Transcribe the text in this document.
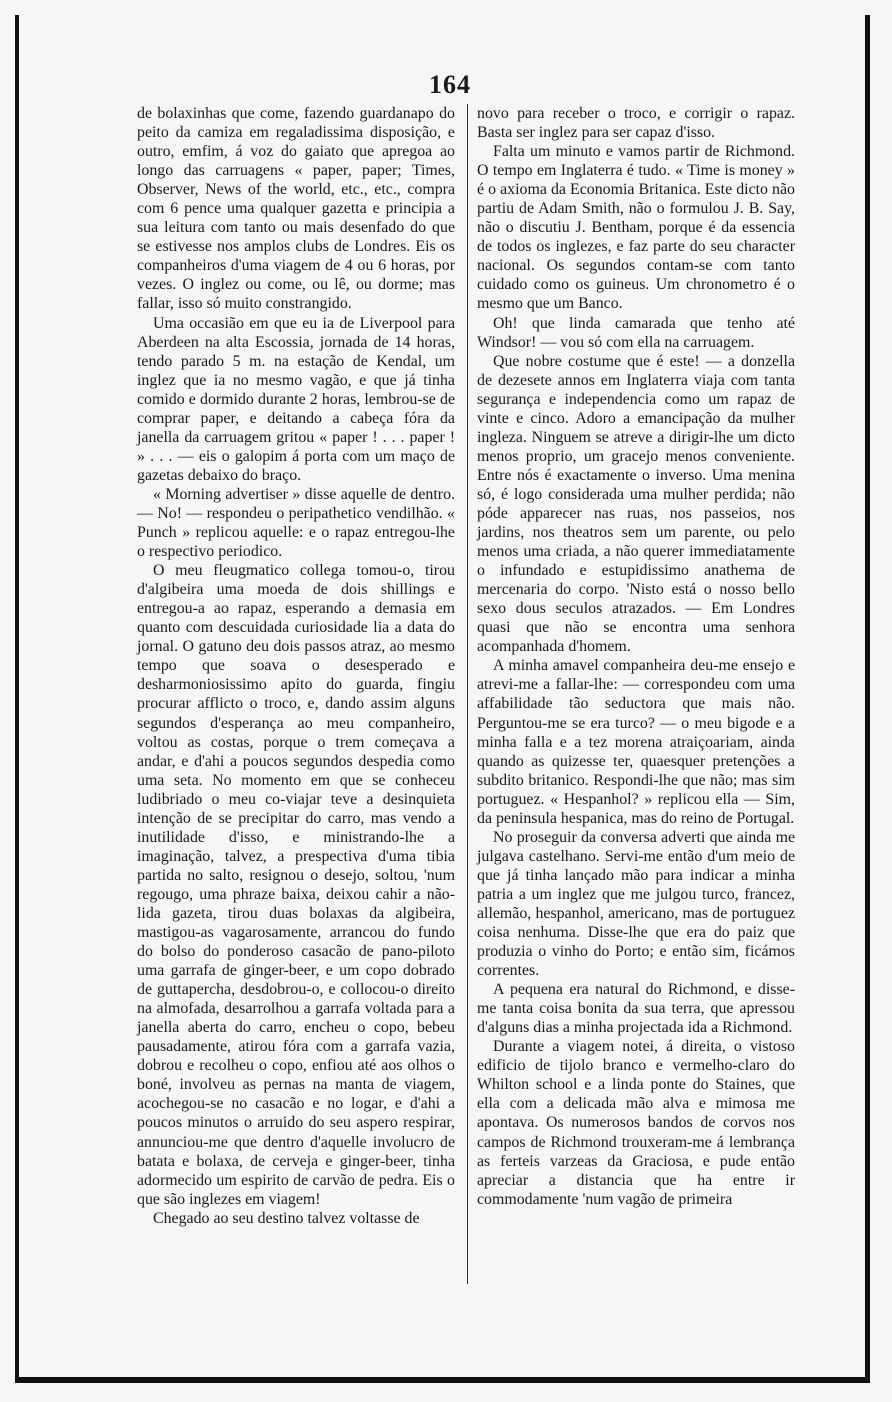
164

de bolaxinhas que come, fazendo guardanapo do peito da camiza em regaladissima disposição, e outro, emfim, á voz do gaiato que apregoa ao longo das carruagens « paper, paper; Times, Observer, News of the world, etc., etc., compra com 6 pence uma qualquer gazetta e principia a sua leitura com tanto ou mais desenfado do que se estivesse nos amplos clubs de Londres. Eis os companheiros d'uma viagem de 4 ou 6 horas, por vezes. O inglez ou come, ou lê, ou dorme; mas fallar, isso só muito constrangido.

Uma occasião em que eu ia de Liverpool para Aberdeen na alta Escossia, jornada de 14 horas, tendo parado 5 m. na estação de Kendal, um inglez que ia no mesmo vagão, e que já tinha comido e dormido durante 2 horas, lembrou-se de comprar paper, e deitando a cabeça fóra da janella da carruagem gritou « paper ! . . . paper ! » . . . — eis o galopim á porta com um maço de gazetas debaixo do braço.

« Morning advertiser » disse aquelle de dentro. — No! — respondeu o peripathetico vendilhão. « Punch » replicou aquelle: e o rapaz entregou-lhe o respectivo periodico.

O meu fleugmatico collega tomou-o, tirou d'algibeira uma moeda de dois shillings e entregou-a ao rapaz, esperando a demasia em quanto com descuidada curiosidade lia a data do jornal. O gatuno deu dois passos atraz, ao mesmo tempo que soava o desesperado e desharmoniosissimo apito do guarda, fingiu procurar afflicto o troco, e, dando assim alguns segundos d'esperança ao meu companheiro, voltou as costas, porque o trem começava a andar, e d'ahi a poucos segundos despedia como uma seta. No momento em que se conheceu ludibriado o meu co-viajar teve a desinquieta intenção de se precipitar do carro, mas vendo a inutilidade d'isso, e ministrando-lhe a imaginação, talvez, a prespectiva d'uma tibia partida no salto, resignou o desejo, soltou, 'num regougo, uma phraze baixa, deixou cahir a não-lida gazeta, tirou duas bolaxas da algibeira, mastigou-as vagarosamente, arrancou do fundo do bolso do ponderoso casacão de pano-piloto uma garrafa de ginger-beer, e um copo dobrado de guttapercha, desdobrou-o, e collocou-o direito na almofada, desarrolhou a garrafa voltada para a janella aberta do carro, encheu o copo, bebeu pausadamente, atirou fóra com a garrafa vazia, dobrou e recolheu o copo, enfiou até aos olhos o boné, involveu as pernas na manta de viagem, acochegou-se no casacão e no logar, e d'ahi a poucos minutos o arruido do seu aspero respirar, annunciou-me que dentro d'aquelle involucro de batata e bolaxa, de cerveja e ginger-beer, tinha adormecido um espirito de carvão de pedra. Eis o que são inglezes em viagem!

Chegado ao seu destino talvez voltasse de

novo para receber o troco, e corrigir o rapaz. Basta ser inglez para ser capaz d'isso.

Falta um minuto e vamos partir de Richmond. O tempo em Inglaterra é tudo. « Time is money » é o axioma da Economia Britanica. Este dicto não partiu de Adam Smith, não o formulou J. B. Say, não o discutiu J. Bentham, porque é da essencia de todos os inglezes, e faz parte do seu character nacional. Os segundos contam-se com tanto cuidado como os guineus. Um chronometro é o mesmo que um Banco.

Oh! que linda camarada que tenho até Windsor! — vou só com ella na carruagem.

Que nobre costume que é este! — a donzella de dezesete annos em Inglaterra viaja com tanta segurança e independencia como um rapaz de vinte e cinco. Adoro a emancipação da mulher ingleza. Ninguem se atreve a dirigir-lhe um dicto menos proprio, um gracejo menos conveniente. Entre nós é exactamente o inverso. Uma menina só, é logo considerada uma mulher perdida; não póde apparecer nas ruas, nos passeios, nos jardins, nos theatros sem um parente, ou pelo menos uma criada, a não querer immediatamente o infundado e estupidissimo anathema de mercenaria do corpo. 'Nisto está o nosso bello sexo dous seculos atrazados. — Em Londres quasi que não se encontra uma senhora acompanhada d'homem.

A minha amavel companheira deu-me ensejo e atrevi-me a fallar-lhe: — correspondeu com uma affabilidade tão seductora que mais não. Perguntou-me se era turco? — o meu bigode e a minha falla e a tez morena atraiçoariam, ainda quando as quizesse ter, quaesquer pretenções a subdito britanico. Respondi-lhe que não; mas sim portuguez. « Hespanhol? » replicou ella — Sim, da peninsula hespanica, mas do reino de Portugal.

No proseguir da conversa adverti que ainda me julgava castelhano. Servi-me então d'um meio de que já tinha lançado mão para indicar a minha patria a um inglez que me julgou turco, francez, allemão, hespanhol, americano, mas de portuguez coisa nenhuma. Disse-lhe que era do paiz que produzia o vinho do Porto; e então sim, ficámos correntes.

A pequena era natural do Richmond, e disse-me tanta coisa bonita da sua terra, que apressou d'alguns dias a minha projectada ida a Richmond.

Durante a viagem notei, á direita, o vistoso edificio de tijolo branco e vermelho-claro do Whilton school e a linda ponte do Staines, que ella com a delicada mão alva e mimosa me apontava. Os numerosos bandos de corvos nos campos de Richmond trouxeram-me á lembrança as ferteis varzeas da Graciosa, e pude então apreciar a distancia que ha entre ir commodamente 'num vagão de primeira
